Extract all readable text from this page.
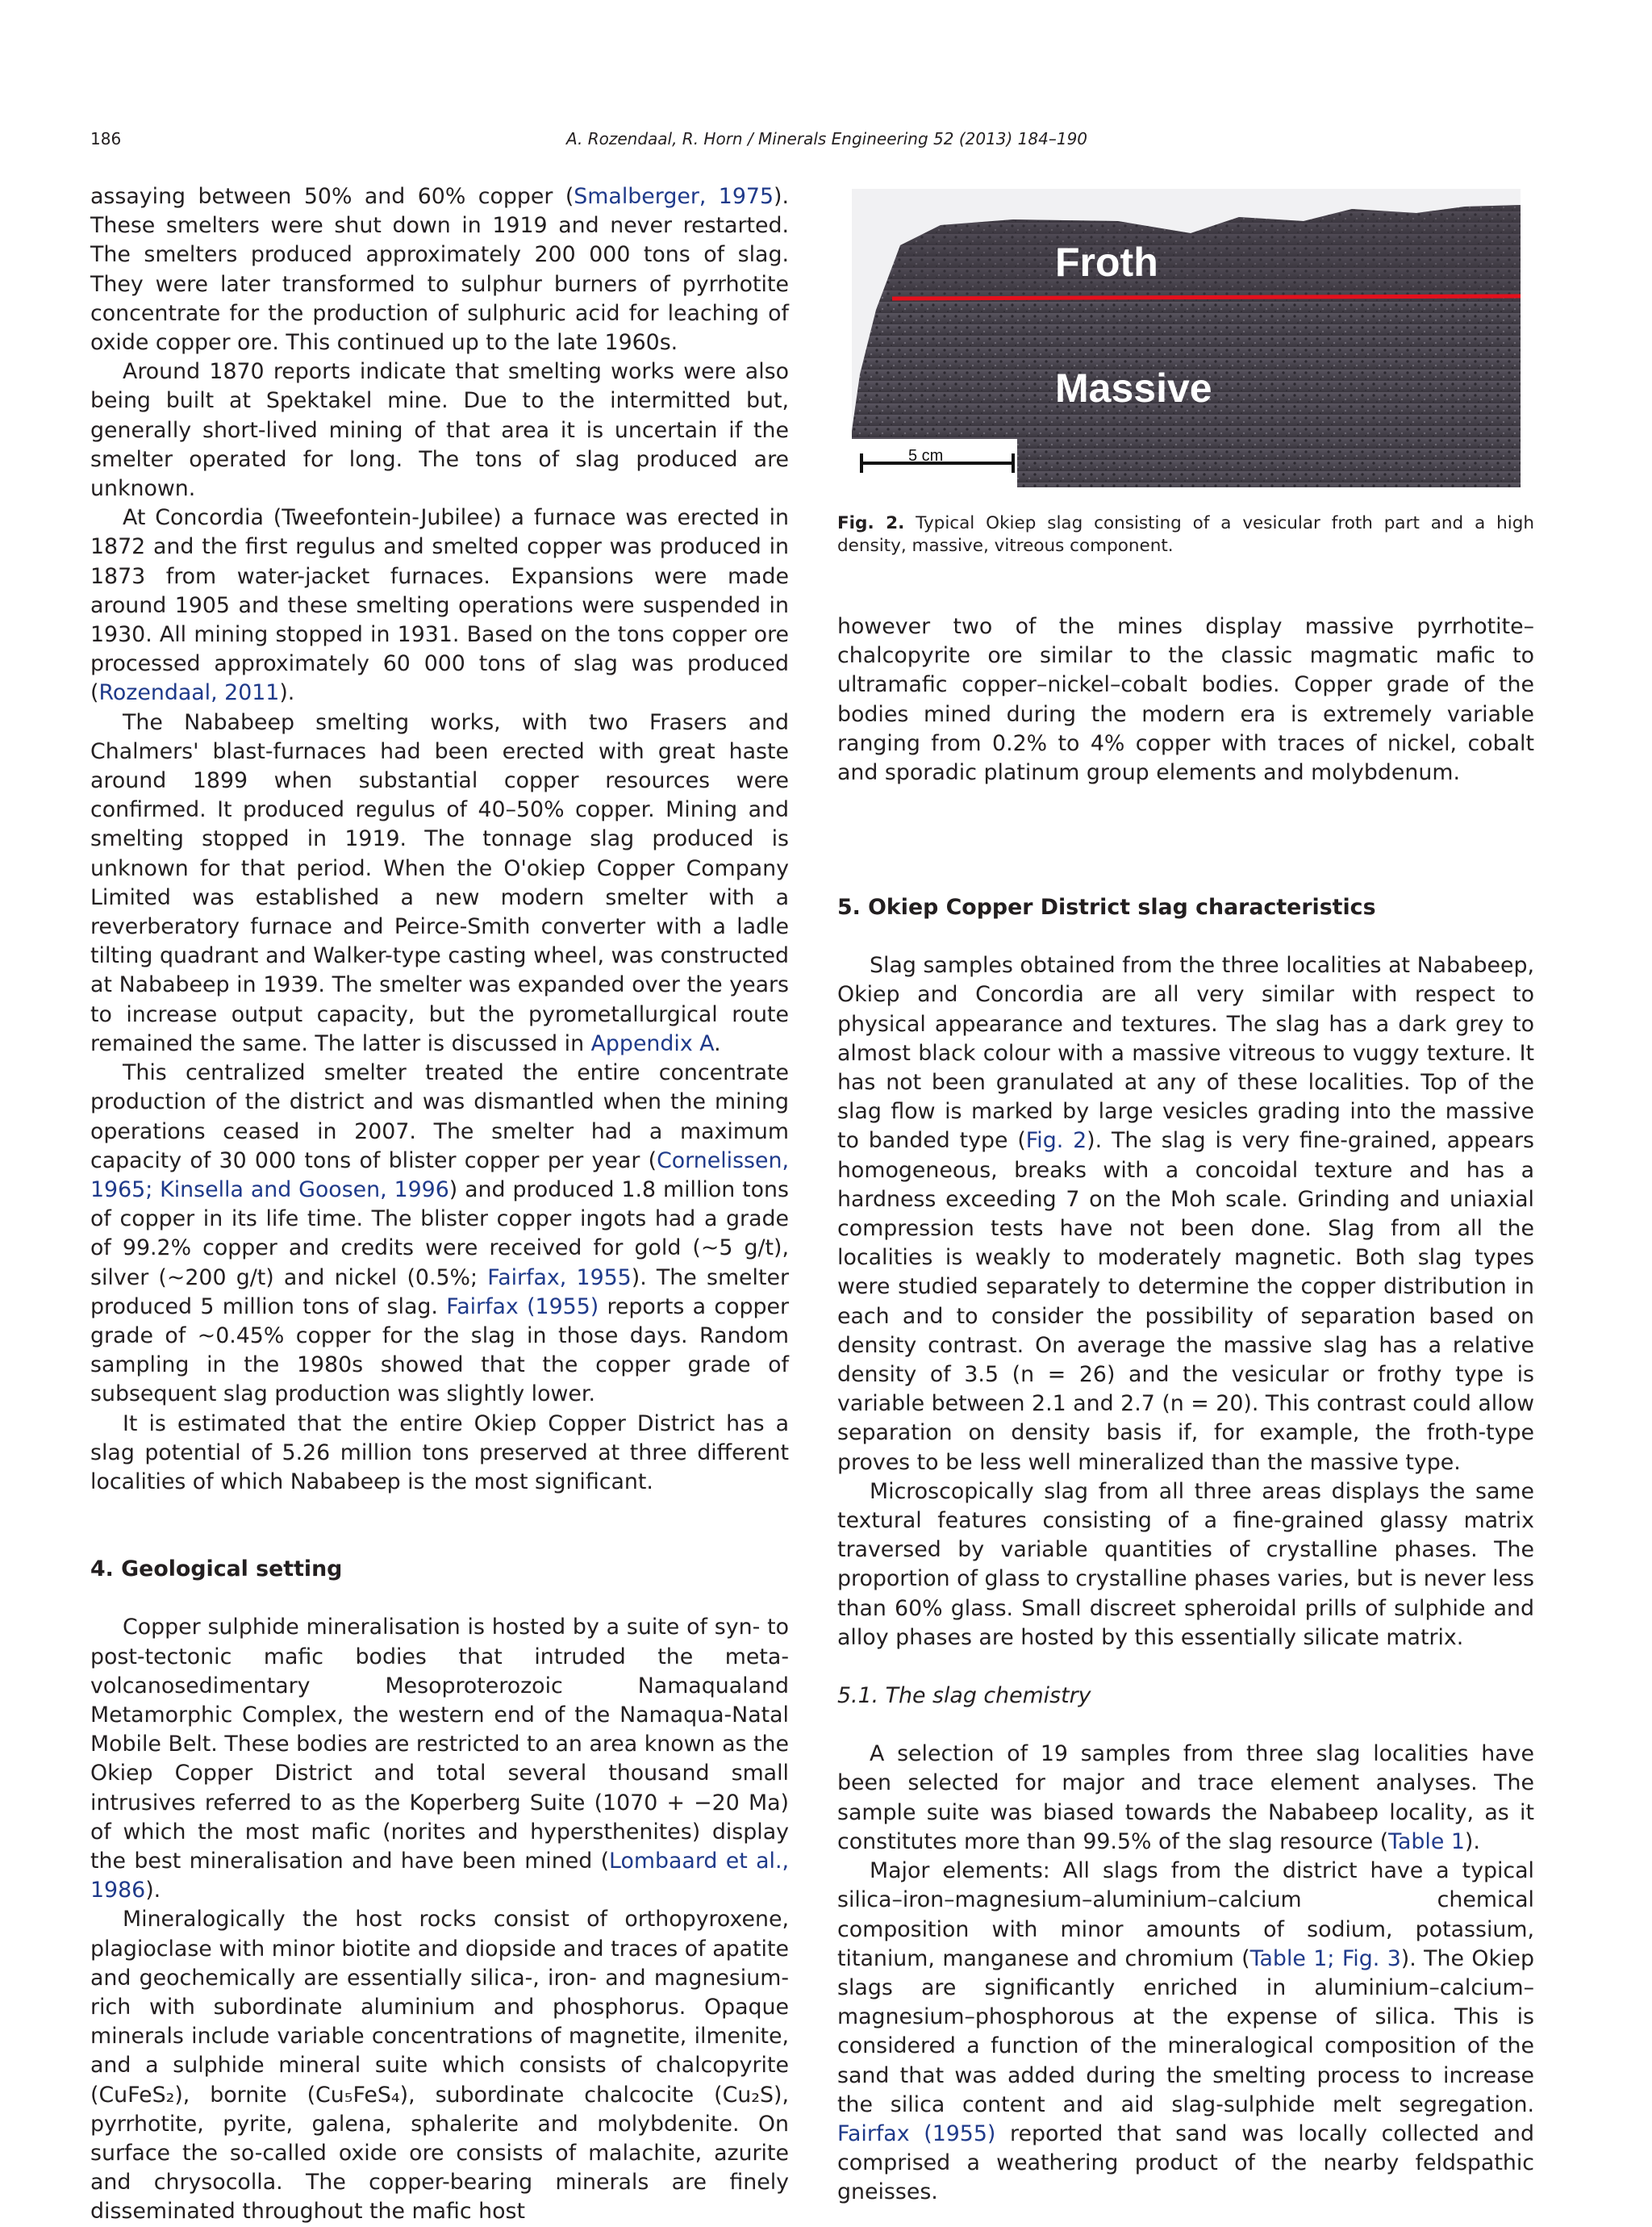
186	A. Rozendaal, R. Horn / Minerals Engineering 52 (2013) 184–190

assaying between 50% and 60% copper (Smalberger, 1975). These smelters were shut down in 1919 and never restarted. The smelters produced approximately 200 000 tons of slag. They were later transformed to sulphur burners of pyrrhotite concentrate for the production of sulphuric acid for leaching of oxide copper ore. This continued up to the late 1960s.

Around 1870 reports indicate that smelting works were also being built at Spektakel mine. Due to the intermitted but, generally short-lived mining of that area it is uncertain if the smelter operated for long. The tons of slag produced are unknown.

At Concordia (Tweefontein-Jubilee) a furnace was erected in 1872 and the first regulus and smelted copper was produced in 1873 from water-jacket furnaces. Expansions were made around 1905 and these smelting operations were suspended in 1930. All mining stopped in 1931. Based on the tons copper ore processed approximately 60 000 tons of slag was produced (Rozendaal, 2011).

The Nababeep smelting works, with two Frasers and Chalmers' blast-furnaces had been erected with great haste around 1899 when substantial copper resources were confirmed. It produced regulus of 40–50% copper. Mining and smelting stopped in 1919. The tonnage slag produced is unknown for that period. When the O'okiep Copper Company Limited was established a new modern smelter with a reverberatory furnace and Peirce-Smith converter with a ladle tilting quadrant and Walker-type casting wheel, was constructed at Nababeep in 1939. The smelter was expanded over the years to increase output capacity, but the pyrometallurgical route remained the same. The latter is discussed in Appendix A.

This centralized smelter treated the entire concentrate production of the district and was dismantled when the mining operations ceased in 2007. The smelter had a maximum capacity of 30 000 tons of blister copper per year (Cornelissen, 1965; Kinsella and Goosen, 1996) and produced 1.8 million tons of copper in its life time. The blister copper ingots had a grade of 99.2% copper and credits were received for gold (~5 g/t), silver (~200 g/t) and nickel (0.5%; Fairfax, 1955). The smelter produced 5 million tons of slag. Fairfax (1955) reports a copper grade of ~0.45% copper for the slag in those days. Random sampling in the 1980s showed that the copper grade of subsequent slag production was slightly lower.

It is estimated that the entire Okiep Copper District has a slag potential of 5.26 million tons preserved at three different localities of which Nababeep is the most significant.

4. Geological setting

Copper sulphide mineralisation is hosted by a suite of syn- to post-tectonic mafic bodies that intruded the meta-volcanosedimentary Mesoproterozoic Namaqualand Metamorphic Complex, the western end of the Namaqua-Natal Mobile Belt. These bodies are restricted to an area known as the Okiep Copper District and total several thousand small intrusives referred to as the Koperberg Suite (1070 + −20 Ma) of which the most mafic (norites and hypersthenites) display the best mineralisation and have been mined (Lombaard et al., 1986).

Mineralogically the host rocks consist of orthopyroxene, plagioclase with minor biotite and diopside and traces of apatite and geochemically are essentially silica-, iron- and magnesium-rich with subordinate aluminium and phosphorus. Opaque minerals include variable concentrations of magnetite, ilmenite, and a sulphide mineral suite which consists of chalcopyrite (CuFeS₂), bornite (Cu₅FeS₄), subordinate chalcocite (Cu₂S), pyrrhotite, pyrite, galena, sphalerite and molybdenite. On surface the so-called oxide ore consists of malachite, azurite and chrysocolla. The copper-bearing minerals are finely disseminated throughout the mafic host

Froth
Massive
5 cm
Fig. 2. Typical Okiep slag consisting of a vesicular froth part and a high density, massive, vitreous component.

however two of the mines display massive pyrrhotite–chalcopyrite ore similar to the classic magmatic mafic to ultramafic copper–nickel–cobalt bodies. Copper grade of the bodies mined during the modern era is extremely variable ranging from 0.2% to 4% copper with traces of nickel, cobalt and sporadic platinum group elements and molybdenum.

5. Okiep Copper District slag characteristics

Slag samples obtained from the three localities at Nababeep, Okiep and Concordia are all very similar with respect to physical appearance and textures. The slag has a dark grey to almost black colour with a massive vitreous to vuggy texture. It has not been granulated at any of these localities. Top of the slag flow is marked by large vesicles grading into the massive to banded type (Fig. 2). The slag is very fine-grained, appears homogeneous, breaks with a concoidal texture and has a hardness exceeding 7 on the Moh scale. Grinding and uniaxial compression tests have not been done. Slag from all the localities is weakly to moderately magnetic. Both slag types were studied separately to determine the copper distribution in each and to consider the possibility of separation based on density contrast. On average the massive slag has a relative density of 3.5 (n = 26) and the vesicular or frothy type is variable between 2.1 and 2.7 (n = 20). This contrast could allow separation on density basis if, for example, the froth-type proves to be less well mineralized than the massive type.

Microscopically slag from all three areas displays the same textural features consisting of a fine-grained glassy matrix traversed by variable quantities of crystalline phases. The proportion of glass to crystalline phases varies, but is never less than 60% glass. Small discreet spheroidal prills of sulphide and alloy phases are hosted by this essentially silicate matrix.

5.1. The slag chemistry

A selection of 19 samples from three slag localities have been selected for major and trace element analyses. The sample suite was biased towards the Nababeep locality, as it constitutes more than 99.5% of the slag resource (Table 1).

Major elements: All slags from the district have a typical silica–iron–magnesium–aluminium–calcium chemical composition with minor amounts of sodium, potassium, titanium, manganese and chromium (Table 1; Fig. 3). The Okiep slags are significantly enriched in aluminium–calcium–magnesium–phosphorous at the expense of silica. This is considered a function of the mineralogical composition of the sand that was added during the smelting process to increase the silica content and aid slag-sulphide melt segregation. Fairfax (1955) reported that sand was locally collected and comprised a weathering product of the nearby feldspathic gneisses.
